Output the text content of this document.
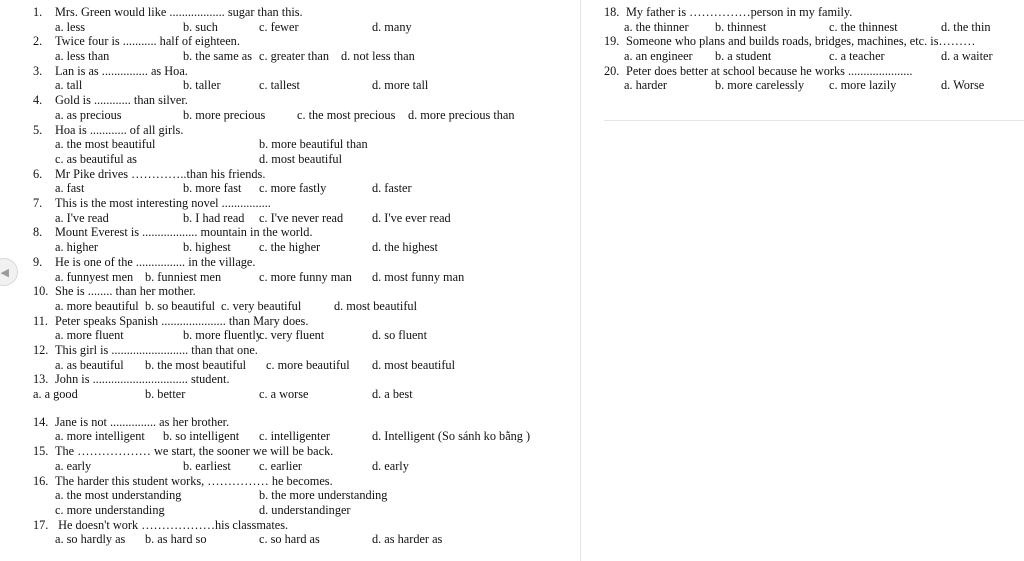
◀
1. Mrs. Green would like .................. sugar than this.
a. less	b. such	c. fewer	d. many
2. Twice four is ........... half of eighteen.
a. less than	b. the same as c. greater than d. not less than
3. Lan is as ............... as Hoa.
a. tall	b. taller	c. tallest	d. more tall
4. Gold is ............ than silver.
a. as precious	b. more precious	c. the most precious d. more precious than
5. Hoa is ............ of all girls.
a. the most beautiful	b. more beautiful than
c. as beautiful as	d. most beautiful
6. Mr Pike drives …………..than his friends.
a. fast	b. more fast c. more fastly	d. faster
7. This is the most interesting novel ................
a. I've read	b. I had read c. I've never read d. I've ever read
8. Mount Everest is .................. mountain in the world.
a. higher	b. highest c. the higher	d. the highest
9. He is one of the ................ in the village.
a. funnyest men b. funniest men	c. more funny man d. most funny man
10. She is ........ than her mother.
a. more beautiful b. so beautiful c. very beautiful	d. most beautiful
11. Peter speaks Spanish ..................... than Mary does.
a. more fluent	b. more fluently
c. very fluent	d. so fluent
12. This girl is ......................... than that one.
a. as beautiful b. the most beautiful c. more beautiful d. most beautiful
13. John is ............................... student.
a. a good	b. better	c. a worse	d. a best
14. Jane is not ............... as her brother.
a. more intelligent b. so intelligent c. intelligenter	d. Intelligent (So sánh ko bằng )
15. The ……………… we start, the sooner we will be back.
a. early	b. earliest c. earlier	d. early
16. The harder this student works, …………… he becomes.
a. the most understanding	b. the more understanding
c. more understanding	d. understandinger
17. He doesn't work ………………his classmates.
a. so hardly as b. as hard so	c. so hard as	d. as harder as
18. My father is ……………person in my family.
a. the thinner b. thinnest	c. the thinnest	d. the thin
19. Someone who plans and builds roads, bridges, machines, etc. is………
a. an engineer b. a student	c. a teacher	d. a waiter
20. Peter does better at school because he works .....................
a. harder	b. more carelessly c. more lazily	d. Worse
